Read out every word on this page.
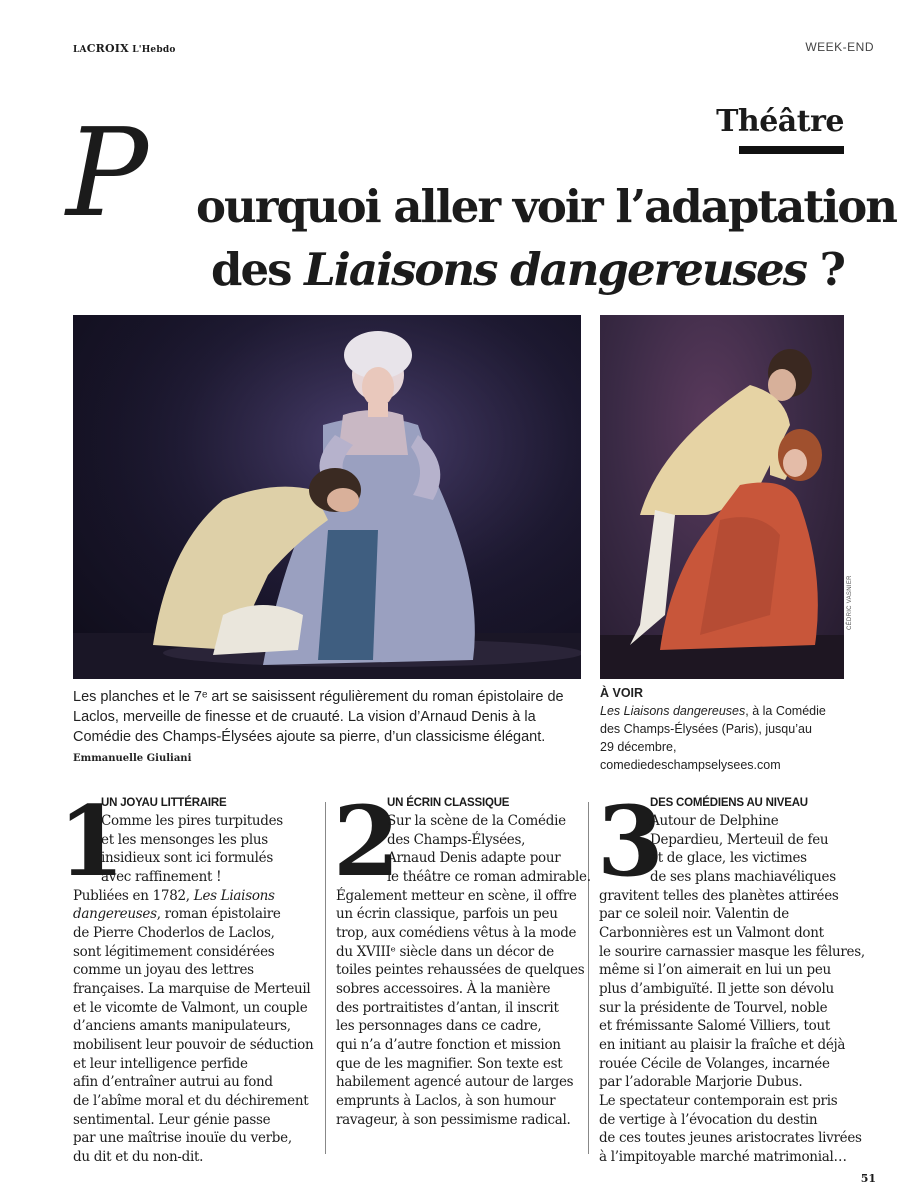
LACROIX L'Hebdo	WEEK-END
Théâtre
P ourquoi aller voir l’adaptation
des Liaisons dangereuses ?
CÉDRIC VASNIER
Les planches et le 7ᵉ art se saisissent régulièrement du roman épistolaire de Laclos, merveille de finesse et de cruauté. La vision d’Arnaud Denis à la Comédie des Champs-Élysées ajoute sa pierre, d’un classicisme élégant. Emmanuelle Giuliani
À VOIR
Les Liaisons dangereuses, à la Comédie
des Champs-Élysées (Paris), jusqu’au
29 décembre, comediedeschampselysees.com
1
UN JOYAU LITTÉRAIRE
Comme les pires turpitudes
et les mensonges les plus
insidieux sont ici formulés
avec raffinement !
Publiées en 1782, Les Liaisons
dangereuses, roman épistolaire
de Pierre Choderlos de Laclos,
sont légitimement considérées
comme un joyau des lettres
françaises. La marquise de Merteuil
et le vicomte de Valmont, un couple
d’anciens amants manipulateurs,
mobilisent leur pouvoir de séduction
et leur intelligence perfide
afin d’entraîner autrui au fond
de l’abîme moral et du déchirement
sentimental. Leur génie passe
par une maîtrise inouïe du verbe,
du dit et du non-dit.
2
UN ÉCRIN CLASSIQUE
Sur la scène de la Comédie
des Champs-Élysées,
Arnaud Denis adapte pour
le théâtre ce roman admirable.
Également metteur en scène, il offre
un écrin classique, parfois un peu
trop, aux comédiens vêtus à la mode
du XVIIIᵉ siècle dans un décor de
toiles peintes rehaussées de quelques
sobres accessoires. À la manière
des portraitistes d’antan, il inscrit
les personnages dans ce cadre,
qui n’a d’autre fonction et mission
que de les magnifier. Son texte est
habilement agencé autour de larges
emprunts à Laclos, à son humour
ravageur, à son pessimisme radical.
3
DES COMÉDIENS AU NIVEAU
Autour de Delphine
Depardieu, Merteuil de feu
et de glace, les victimes
de ses plans machiavéliques
gravitent telles des planètes attirées
par ce soleil noir. Valentin de
Carbonnières est un Valmont dont
le sourire carnassier masque les fêlures,
même si l’on aimerait en lui un peu
plus d’ambiguïté. Il jette son dévolu
sur la présidente de Tourvel, noble
et frémissante Salomé Villiers, tout
en initiant au plaisir la fraîche et déjà
rouée Cécile de Volanges, incarnée
par l’adorable Marjorie Dubus.
Le spectateur contemporain est pris
de vertige à l’évocation du destin
de ces toutes jeunes aristocrates livrées
à l’impitoyable marché matrimonial…
51
